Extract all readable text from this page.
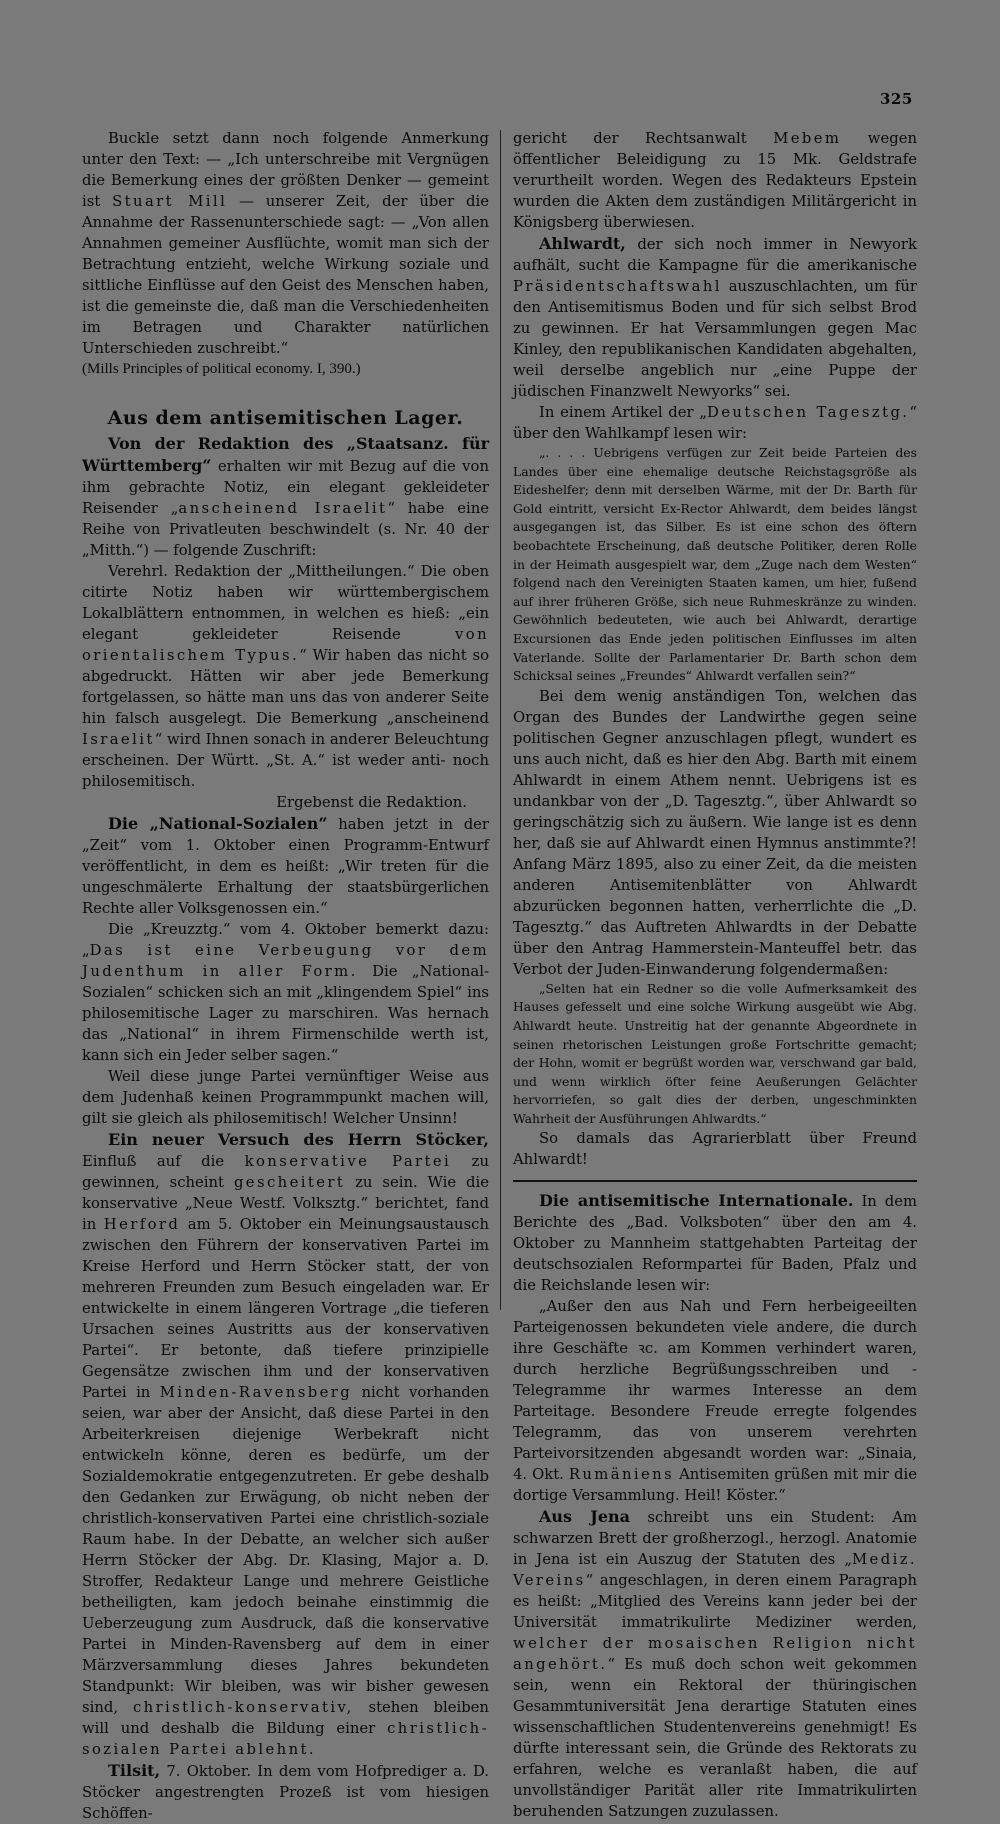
325

Buckle setzt dann noch folgende Anmerkung unter den Text: — „Ich unterschreibe mit Vergnügen die Bemerkung eines der größten Denker — gemeint ist Stuart Mill — unserer Zeit, der über die Annahme der Rassenunterschiede sagt: — „Von allen Annahmen gemeiner Ausflüchte, womit man sich der Betrachtung entzieht, welche Wirkung soziale und sittliche Einflüsse auf den Geist des Menschen haben, ist die gemeinste die, daß man die Verschiedenheiten im Betragen und Charakter natürlichen Unterschieden zuschreibt.“

(Mills Principles of political economy. I, 390.)

Aus dem antisemitischen Lager.

Von der Redaktion des „Staatsanz. für Württemberg“ erhalten wir mit Bezug auf die von ihm gebrachte Notiz, ein elegant gekleideter Reisender „anscheinend Israelit“ habe eine Reihe von Privatleuten beschwindelt (s. Nr. 40 der „Mitth.“) — folgende Zuschrift:

Verehrl. Redaktion der „Mittheilungen.“ Die oben citirte Notiz haben wir württembergischem Lokalblättern entnommen, in welchen es hieß: „ein elegant gekleideter Reisende	von orientalischem Typus.“ Wir haben das nicht so abgedruckt. Hätten wir aber jede Bemerkung fortgelassen, so hätte man uns das von anderer Seite hin falsch ausgelegt. Die Bemerkung „anscheinend Israelit“ wird Ihnen sonach in anderer Beleuchtung erscheinen. Der Württ. „St. A.“ ist weder anti- noch philosemitisch.

Ergebenst die Redaktion.

Die „National-Sozialen“ haben jetzt in der „Zeit“ vom 1. Oktober einen Programm-Entwurf veröffentlicht, in dem es heißt: „Wir treten für die ungeschmälerte Erhaltung der staatsbürgerlichen Rechte aller Volksgenossen ein.“

Die „Kreuzztg.“ vom 4. Oktober bemerkt dazu: „Das ist eine Verbeugung vor dem Judenthum in aller Form. Die „National-Sozialen“ schicken sich an mit „klingendem Spiel“ ins philosemitische Lager zu marschiren. Was hernach das „National“ in ihrem Firmenschilde werth ist, kann sich ein Jeder selber sagen.“

Weil diese junge Partei vernünftiger Weise aus dem Judenhaß keinen Programmpunkt machen will, gilt sie gleich als philosemitisch! Welcher Unsinn!

Ein neuer Versuch des Herrn Stöcker, Einfluß auf die konservative Partei zu gewinnen, scheint gescheitert zu sein. Wie die konservative „Neue Westf. Volksztg.“ berichtet, fand in Herford am 5. Oktober ein Meinungsaustausch zwischen den Führern der konservativen Partei im Kreise Herford und Herrn Stöcker statt, der von mehreren Freunden zum Besuch eingeladen war. Er entwickelte in einem längeren Vortrage „die tieferen Ursachen seines Austritts aus der konservativen Partei“. Er betonte, daß tiefere prinzipielle Gegensätze zwischen ihm und der konservativen Partei in Minden-Ravensberg nicht vorhanden seien, war aber der Ansicht, daß diese Partei in den Arbeiterkreisen diejenige Werbekraft nicht entwickeln könne, deren es bedürfe, um der Sozialdemokratie entgegenzutreten. Er gebe deshalb den Gedanken zur Erwägung, ob nicht neben der christlich-konservativen Partei eine christlich-soziale Raum habe. In der Debatte, an welcher sich außer Herrn Stöcker der Abg. Dr. Klasing, Major a. D. Stroffer, Redakteur Lange und mehrere Geistliche betheiligten, kam jedoch beinahe einstimmig die Ueberzeugung zum Ausdruck, daß die konservative Partei in Minden-Ravensberg auf dem in einer Märzversammlung dieses Jahres bekundeten Standpunkt: Wir bleiben, was wir bisher gewesen sind, christlich-konservativ, stehen bleiben will und deshalb die Bildung einer christlich-sozialen Partei ablehnt.

Tilsit, 7. Oktober. In dem vom Hofprediger a. D. Stöcker angestrengten Prozeß ist vom hiesigen Schöffen-

gericht der Rechtsanwalt Mebem wegen öffentlicher Beleidigung zu 15 Mk. Geldstrafe verurtheilt worden. Wegen des Redakteurs Epstein wurden die Akten dem zuständigen Militärgericht in Königsberg überwiesen.

Ahlwardt, der sich noch immer in Newyork aufhält, sucht die Kampagne für die amerikanische Präsidentschaftswahl auszuschlachten, um für den Antisemitismus Boden und für sich selbst Brod zu gewinnen. Er hat Versammlungen gegen Mac Kinley, den republikanischen Kandidaten abgehalten, weil derselbe angeblich nur „eine Puppe der jüdischen Finanzwelt Newyorks“ sei.

In einem Artikel der „Deutschen Tagesztg.“ über den Wahlkampf lesen wir:

„. . . . Uebrigens verfügen zur Zeit beide Parteien des Landes über eine ehemalige deutsche Reichstagsgröße als Eideshelfer; denn mit derselben Wärme, mit der Dr. Barth für Gold eintritt, versicht Ex-Rector Ahlwardt, dem beides längst ausgegangen ist, das Silber. Es ist eine schon des öftern beobachtete Erscheinung, daß deutsche Politiker, deren Rolle in der Heimath ausgespielt war, dem „Zuge nach dem Westen“ folgend nach den Vereinigten Staaten kamen, um hier, fußend auf ihrer früheren Größe, sich neue Ruhmeskränze zu winden. Gewöhnlich bedeuteten, wie auch bei Ahlwardt, derartige Excursionen das Ende jeden politischen Einflusses im alten Vaterlande. Sollte der Parlamentarier Dr. Barth schon dem Schicksal seines „Freundes“ Ahlwardt verfallen sein?“

Bei dem wenig anständigen Ton, welchen das Organ des Bundes der Landwirthe gegen seine politischen Gegner anzuschlagen pflegt, wundert es uns auch nicht, daß es hier den Abg. Barth mit einem Ahlwardt in einem Athem nennt. Uebrigens ist es undankbar von der „D. Tagesztg.“, über Ahlwardt so geringschätzig sich zu äußern. Wie lange ist es denn her, daß sie auf Ahlwardt einen Hymnus anstimmte?! Anfang März 1895, also zu einer Zeit, da die meisten anderen Antisemitenblätter von Ahlwardt abzurücken begonnen hatten, verherrlichte die „D. Tagesztg.“ das Auftreten Ahlwardts in der Debatte über den Antrag Hammerstein-Manteuffel betr. das Verbot der Juden-Einwanderung folgendermaßen:

„Selten hat ein Redner so die volle Aufmerksamkeit des Hauses gefesselt und eine solche Wirkung ausgeübt wie Abg. Ahlwardt heute. Unstreitig hat der genannte Abgeordnete in seinen rhetorischen Leistungen große Fortschritte gemacht; der Hohn, womit er begrüßt worden war, verschwand gar bald, und wenn wirklich öfter feine Aeußerungen Gelächter hervorriefen, so galt dies der derben, ungeschminkten Wahrheit der Ausführungen Ahlwardts.“

So damals das Agrarierblatt über Freund Ahlwardt!

Die antisemitische Internationale. In dem Berichte des „Bad. Volksboten“ über den am 4. Oktober zu Mannheim stattgehabten Parteitag der deutschsozialen Reformpartei für Baden, Pfalz und die Reichslande lesen wir:

„Außer den aus Nah und Fern herbeigeeilten Parteigenossen bekundeten viele andere, die durch ihre Geschäfte ꝛc. am Kommen verhindert waren, durch herzliche Begrüßungsschreiben und -Telegramme ihr warmes Interesse an dem Parteitage. Besondere Freude erregte folgendes Telegramm, das von unserem verehrten Parteivorsitzenden abgesandt worden war: „Sinaia, 4. Okt. Rumäniens Antisemiten grüßen mit mir die dortige Versammlung. Heil! Köster.“

Aus Jena schreibt uns ein Student: Am schwarzen Brett der großherzogl., herzogl. Anatomie in Jena ist ein Auszug der Statuten des „Mediz. Vereins“ angeschlagen, in deren einem Paragraph es heißt: „Mitglied des Vereins kann jeder bei der Universität immatrikulirte Mediziner werden, welcher der mosaischen Religion nicht angehört.“ Es muß doch schon weit gekommen sein, wenn ein Rektoral der thüringischen Gesammtuniversität Jena derartige Statuten eines wissenschaftlichen Studentenvereins genehmigt! Es dürfte interessant sein, die Gründe des Rektorats zu erfahren, welche es veranlaßt haben, die auf unvollständiger Parität aller rite Immatrikulirten beruhenden Satzungen zuzulassen.
